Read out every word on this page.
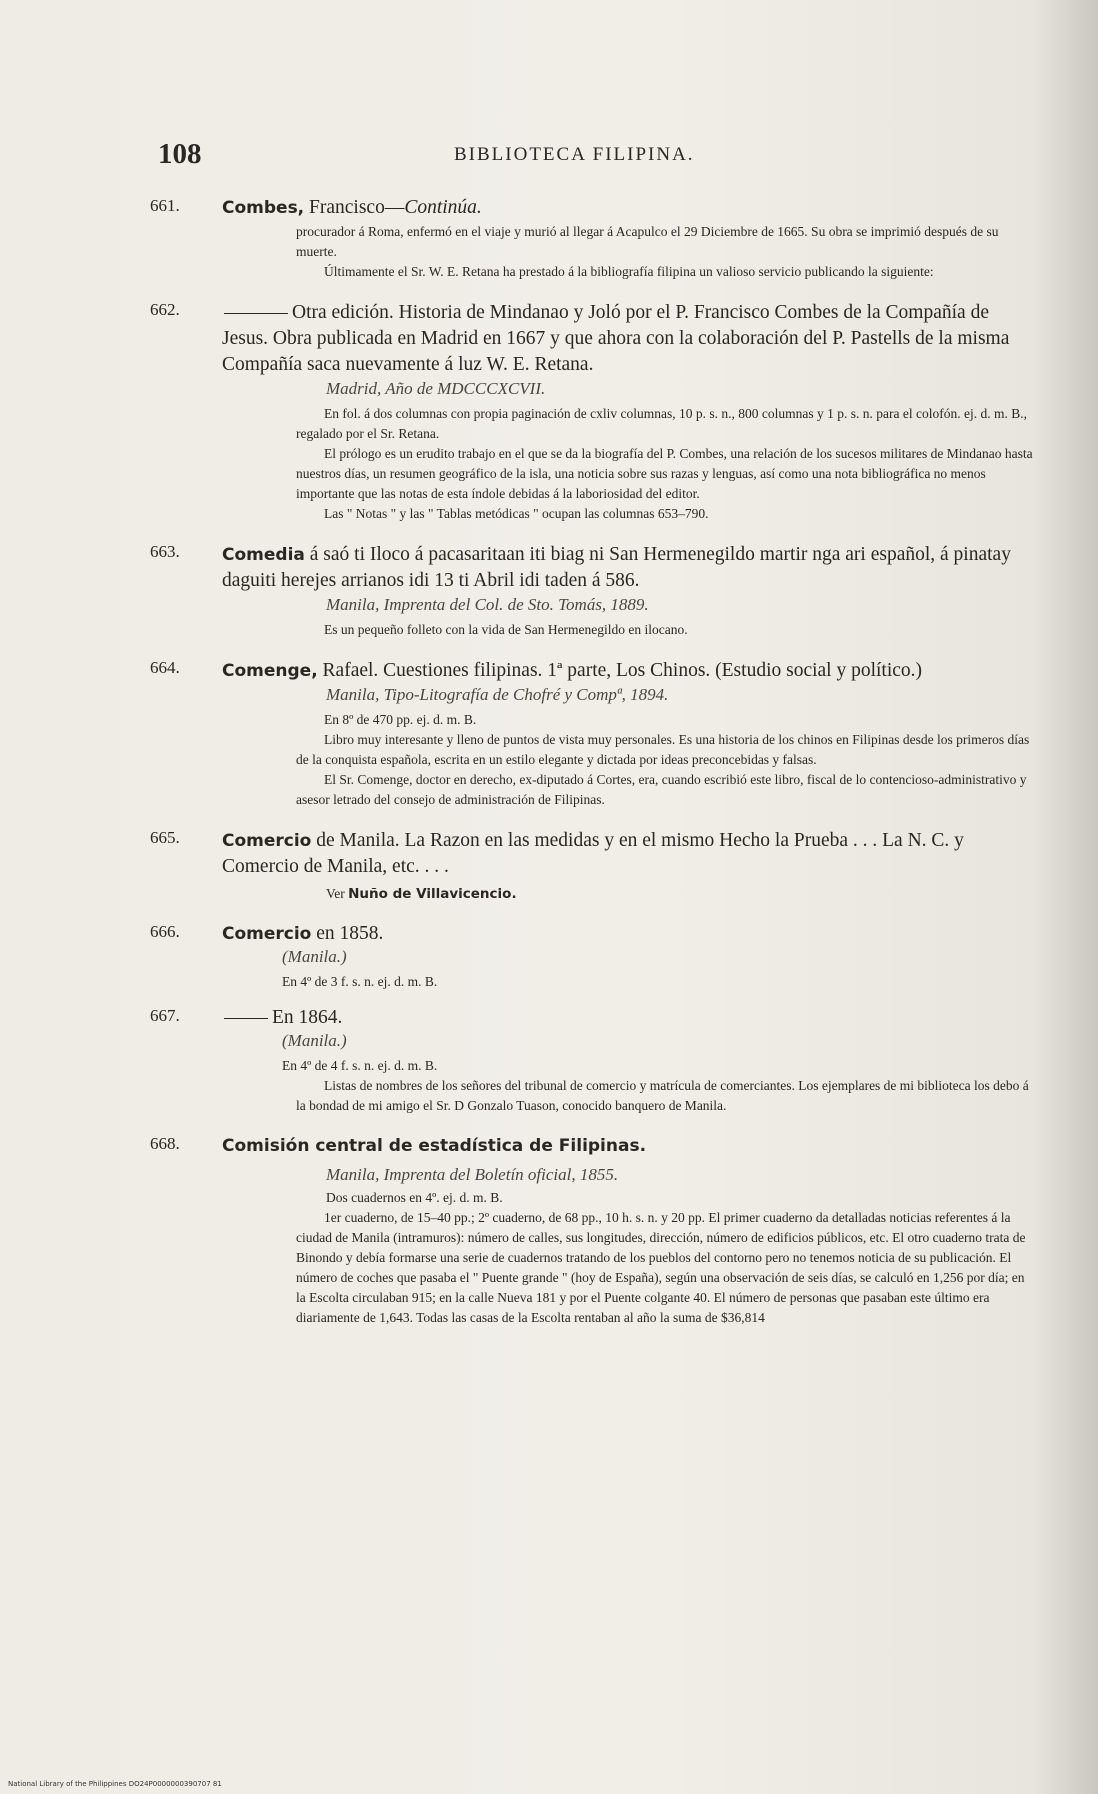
108	BIBLIOTECA FILIPINA.
661. Combes, Francisco—Continúa.
procurador á Roma, enfermó en el viaje y murió al llegar á Acapulco el 29 Diciembre de 1665. Su obra se imprimió después de su muerte.
Últimamente el Sr. W. E. Retana ha prestado á la bibliografía filipina un valioso servicio publicando la siguiente:
662.	Otra edición. Historia de Mindanao y Joló por el P. Francisco Combes de la Compañía de Jesus. Obra publicada en Madrid en 1667 y que ahora con la colaboración del P. Pastells de la misma Compañía saca nuevamente á luz W. E. Retana.
Madrid, Año de MDCCCXCVII.
En fol. á dos columnas con propia paginación de cxliv columnas, 10 p. s. n., 800 columnas y 1 p. s. n. para el colofón. ej. d. m. B., regalado por el Sr. Retana.
El prólogo es un erudito trabajo en el que se da la biografía del P. Combes, una relación de los sucesos militares de Mindanao hasta nuestros días, un resumen geográfico de la isla, una noticia sobre sus razas y lenguas, así como una nota bibliográfica no menos importante que las notas de esta índole debidas á la laboriosidad del editor.
Las " Notas " y las " Tablas metódicas " ocupan las columnas 653–790.
663. Comedia á saó ti Iloco á pacasaritaan iti biag ni San Hermenegildo martir nga ari español, á pinatay daguiti herejes arrianos idi 13 ti Abril idi taden á 586.
Manila, Imprenta del Col. de Sto. Tomás, 1889.
Es un pequeño folleto con la vida de San Hermenegildo en ilocano.
664. Comenge, Rafael. Cuestiones filipinas. 1ª parte, Los Chinos. (Estudio social y político.)
Manila, Tipo-Litografía de Chofré y Compª, 1894.
En 8º de 470 pp. ej. d. m. B.
Libro muy interesante y lleno de puntos de vista muy personales. Es una historia de los chinos en Filipinas desde los primeros días de la conquista española, escrita en un estilo elegante y dictada por ideas preconcebidas y falsas.
El Sr. Comenge, doctor en derecho, ex-diputado á Cortes, era, cuando escribió este libro, fiscal de lo contencioso-administrativo y asesor letrado del consejo de administración de Filipinas.
665. Comercio de Manila. La Razon en las medidas y en el mismo Hecho la Prueba . . . La N. C. y Comercio de Manila, etc. . . .
Ver Nuño de Villavicencio.
666. Comercio en 1858.
(Manila.)
En 4º de 3 f. s. n. ej. d. m. B.
667.	En 1864.
(Manila.)
En 4º de 4 f. s. n. ej. d. m. B.
Listas de nombres de los señores del tribunal de comercio y matrícula de comerciantes. Los ejemplares de mi biblioteca los debo á la bondad de mi amigo el Sr. D Gonzalo Tuason, conocido banquero de Manila.
668. Comisión central de estadística de Filipinas.
Manila, Imprenta del Boletín oficial, 1855.
Dos cuadernos en 4º. ej. d. m. B.
1er cuaderno, de 15–40 pp.; 2º cuaderno, de 68 pp., 10 h. s. n. y 20 pp. El primer cuaderno da detalladas noticias referentes á la ciudad de Manila (intramuros): número de calles, sus longitudes, dirección, número de edificios públicos, etc. El otro cuaderno trata de Binondo y debía formarse una serie de cuadernos tratando de los pueblos del contorno pero no tenemos noticia de su publicación. El número de coches que pasaba el " Puente grande " (hoy de España), según una observación de seis días, se calculó en 1,256 por día; en la Escolta circulaban 915; en la calle Nueva 181 y por el Puente colgante 40. El número de personas que pasaban este último era diariamente de 1,643. Todas las casas de la Escolta rentaban al año la suma de $36,814
National Library of the Philippines DO24P0000000390707 81
